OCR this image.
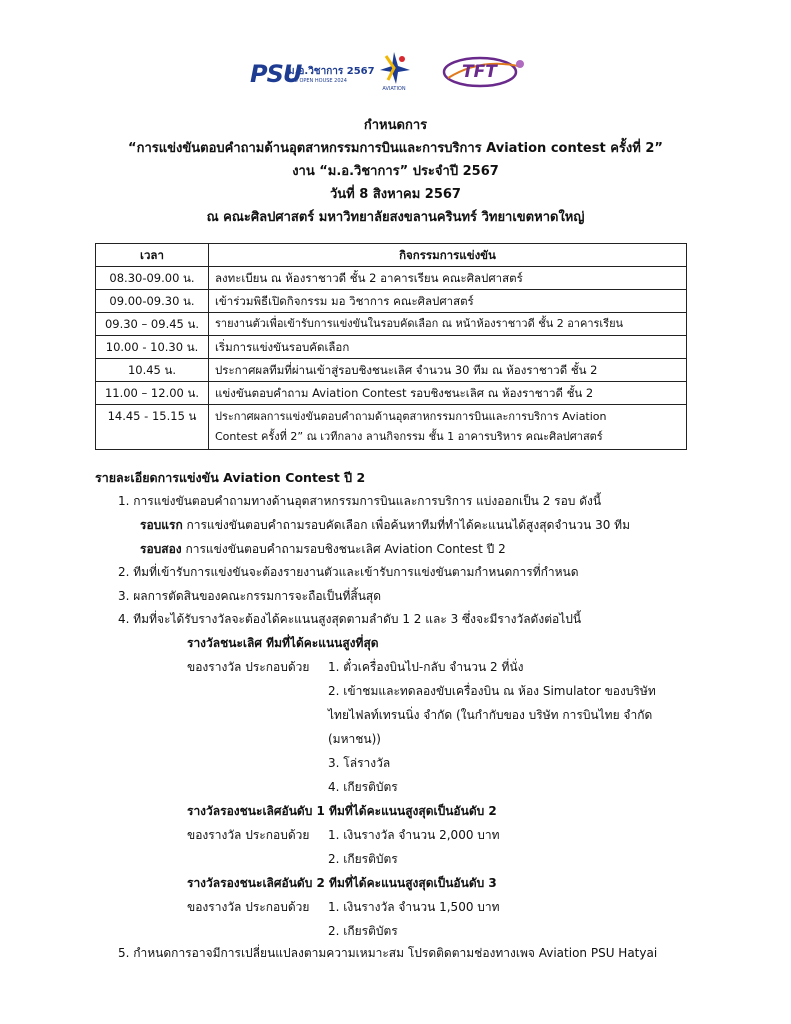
PSU
ม.อ.วิชาการ 2567
PSU OPEN HOUSE 2024
AVIATION
TFT
กำหนดการ
“การแข่งขันตอบคำถามด้านอุตสาหกรรมการบินและการบริการ Aviation contest ครั้งที่ 2”
งาน “ม.อ.วิชาการ” ประจำปี 2567
วันที่ 8 สิงหาคม 2567
ณ คณะศิลปศาสตร์ มหาวิทยาลัยสงขลานครินทร์ วิทยาเขตหาดใหญ่
เวลา	กิจกรรมการแข่งขัน
08.30-09.00 น.	ลงทะเบียน ณ ห้องราชาวดี ชั้น 2 อาคารเรียน คณะศิลปศาสตร์
09.00-09.30 น.	เข้าร่วมพิธีเปิดกิจกรรม มอ วิชาการ คณะศิลปศาสตร์
09.30 – 09.45 น.	รายงานตัวเพื่อเข้ารับการแข่งขันในรอบคัดเลือก ณ หน้าห้องราชาวดี ชั้น 2 อาคารเรียน
10.00 - 10.30 น.	เริ่มการแข่งขันรอบคัดเลือก
10.45 น.	ประกาศผลทีมที่ผ่านเข้าสู่รอบชิงชนะเลิศ จำนวน 30 ทีม ณ ห้องราชาวดี ชั้น 2
11.00 – 12.00 น.	แข่งขันตอบคำถาม Aviation Contest รอบชิงชนะเลิศ ณ ห้องราชาวดี ชั้น 2
14.45 - 15.15 น	ประกาศผลการแข่งขันตอบคำถามด้านอุตสาหกรรมการบินและการบริการ Aviation
Contest ครั้งที่ 2” ณ เวทีกลาง ลานกิจกรรม ชั้น 1 อาคารบริหาร คณะศิลปศาสตร์
รายละเอียดการแข่งขัน Aviation Contest ปี 2
1. การแข่งขันตอบคำถามทางด้านอุตสาหกรรมการบินและการบริการ แบ่งออกเป็น 2 รอบ ดังนี้
รอบแรก การแข่งขันตอบคำถามรอบคัดเลือก เพื่อค้นหาทีมที่ทำได้คะแนนได้สูงสุดจำนวน 30 ทีม
รอบสอง การแข่งขันตอบคำถามรอบชิงชนะเลิศ Aviation Contest ปี 2
2. ทีมที่เข้ารับการแข่งขันจะต้องรายงานตัวและเข้ารับการแข่งขันตามกำหนดการที่กำหนด
3. ผลการตัดสินของคณะกรรมการจะถือเป็นที่สิ้นสุด
4. ทีมที่จะได้รับรางวัลจะต้องได้คะแนนสูงสุดตามลำดับ 1 2 และ 3 ซึ่งจะมีรางวัลดังต่อไปนี้
รางวัลชนะเลิศ ทีมที่ได้คะแนนสูงที่สุด
ของรางวัล ประกอบด้วย 1. ตั๋วเครื่องบินไป-กลับ จำนวน 2 ที่นั่ง
2. เข้าชมและทดลองขับเครื่องบิน ณ ห้อง Simulator ของบริษัท
ไทยไฟลท์เทรนนิ่ง จำกัด (ในกำกับของ บริษัท การบินไทย จำกัด
(มหาชน))
3. โล่รางวัล
4. เกียรติบัตร
รางวัลรองชนะเลิศอันดับ 1 ทีมที่ได้คะแนนสูงสุดเป็นอันดับ 2
ของรางวัล ประกอบด้วย 1. เงินรางวัล จำนวน 2,000 บาท
2. เกียรติบัตร
รางวัลรองชนะเลิศอันดับ 2 ทีมที่ได้คะแนนสูงสุดเป็นอันดับ 3
ของรางวัล ประกอบด้วย 1. เงินรางวัล จำนวน 1,500 บาท
2. เกียรติบัตร
5. กำหนดการอาจมีการเปลี่ยนแปลงตามความเหมาะสม โปรดติดตามช่องทางเพจ Aviation PSU Hatyai
